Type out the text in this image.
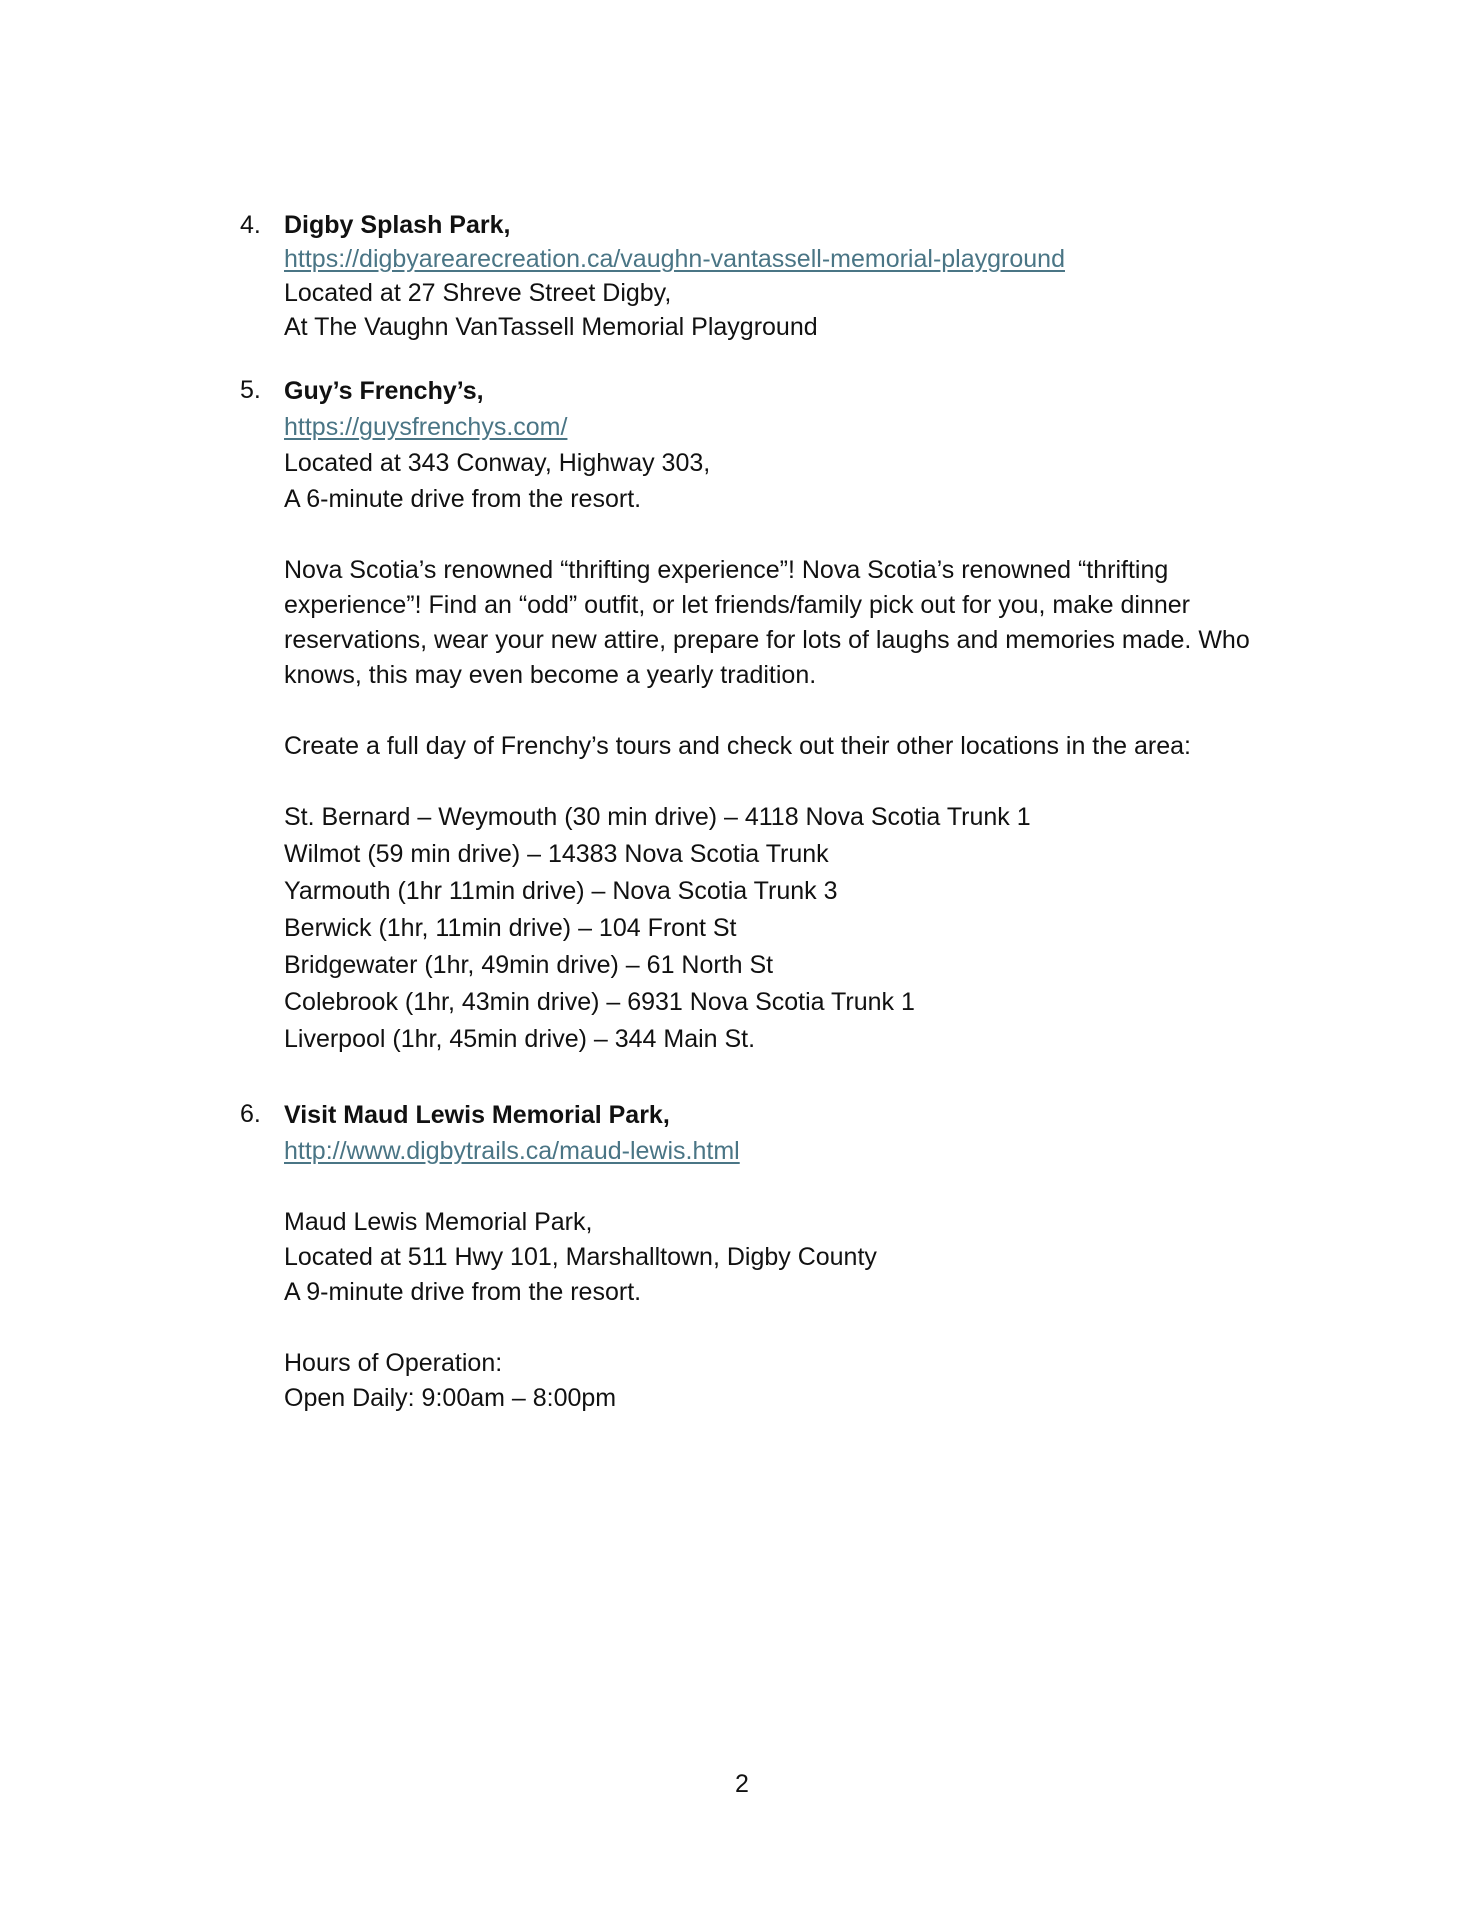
4. Digby Splash Park,
https://digbyarearecreation.ca/vaughn-vantassell-memorial-playground
Located at 27 Shreve Street Digby,
At The Vaughn VanTassell Memorial Playground
5. Guy’s Frenchy’s,
https://guysfrenchys.com/
Located at 343 Conway, Highway 303,
A 6-minute drive from the resort.
Nova Scotia’s renowned “thrifting experience”! Nova Scotia’s renowned “thrifting experience”! Find an “odd” outfit, or let friends/family pick out for you, make dinner reservations, wear your new attire, prepare for lots of laughs and memories made. Who knows, this may even become a yearly tradition.
Create a full day of Frenchy’s tours and check out their other locations in the area:
St. Bernard – Weymouth (30 min drive) – 4118 Nova Scotia Trunk 1
Wilmot (59 min drive) – 14383 Nova Scotia Trunk
Yarmouth (1hr 11min drive) – Nova Scotia Trunk 3
Berwick (1hr, 11min drive) – 104 Front St
Bridgewater (1hr, 49min drive) – 61 North St
Colebrook (1hr, 43min drive) – 6931 Nova Scotia Trunk 1
Liverpool (1hr, 45min drive) – 344 Main St.
6. Visit Maud Lewis Memorial Park,
http://www.digbytrails.ca/maud-lewis.html
Maud Lewis Memorial Park,
Located at 511 Hwy 101, Marshalltown, Digby County
A 9-minute drive from the resort.
Hours of Operation:
Open Daily: 9:00am – 8:00pm
2
